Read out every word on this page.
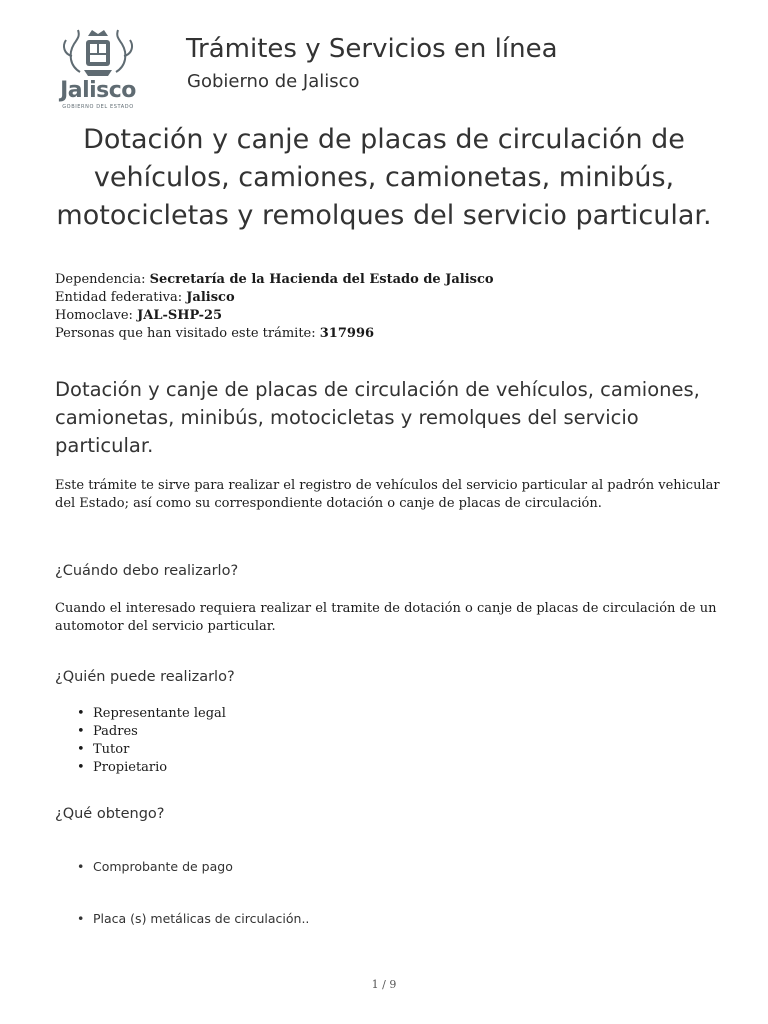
Jalisco
GOBIERNO DEL ESTADO
Trámites y Servicios en línea
Gobierno de Jalisco
Dotación y canje de placas de circulación de vehículos, camiones, camionetas, minibús, motocicletas y remolques del servicio particular.
Dependencia: Secretaría de la Hacienda del Estado de Jalisco
Entidad federativa: Jalisco
Homoclave: JAL-SHP-25
Personas que han visitado este trámite: 317996
Dotación y canje de placas de circulación de vehículos, camiones, camionetas, minibús, motocicletas y remolques del servicio particular.
Este trámite te sirve para realizar el registro de vehículos del servicio particular al padrón vehicular del Estado; así como su correspondiente dotación o canje de placas de circulación.
¿Cuándo debo realizarlo?
Cuando el interesado requiera realizar el tramite de dotación o canje de placas de circulación de un automotor del servicio particular.
¿Quién puede realizarlo?
• Representante legal
• Padres
• Tutor
• Propietario
¿Qué obtengo?
• Comprobante de pago
• Placa (s) metálicas de circulación..
1 / 9
